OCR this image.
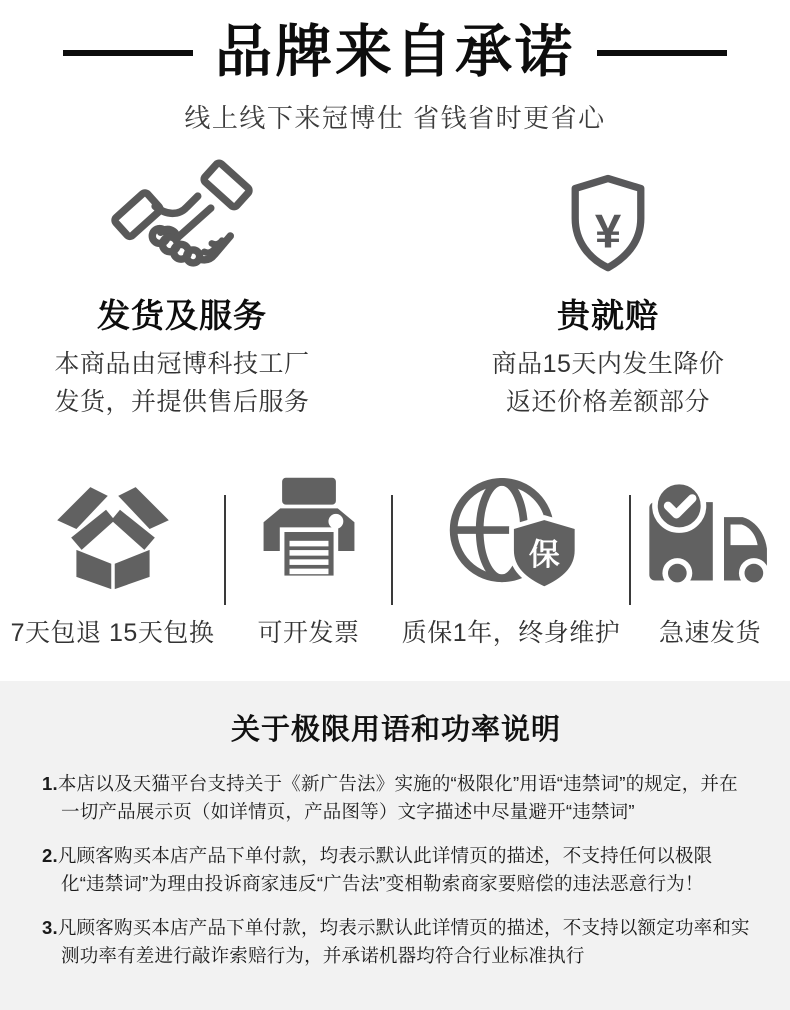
品牌来自承诺
线上线下来冠博仕 省钱省时更省心
发货及服务
本商品由冠博科技工厂
发货，并提供售后服务
¥
贵就赔
商品15天内发生降价
返还价格差额部分
7天包退 15天包换 可开发票
保
质保1年，终身维护 急速发货
关于极限用语和功率说明

1.本店以及天猫平台支持关于《新广告法》实施的“极限化”用语“违禁词”的规定，并在一切产品展示页（如详情页，产品图等）文字描述中尽量避开“违禁词”

2.凡顾客购买本店产品下单付款，均表示默认此详情页的描述，不支持任何以极限化“违禁词”为理由投诉商家违反“广告法”变相勒索商家要赔偿的违法恶意行为！

3.凡顾客购买本店产品下单付款，均表示默认此详情页的描述，不支持以额定功率和实测功率有差进行敲诈索赔行为，并承诺机器均符合行业标准执行
